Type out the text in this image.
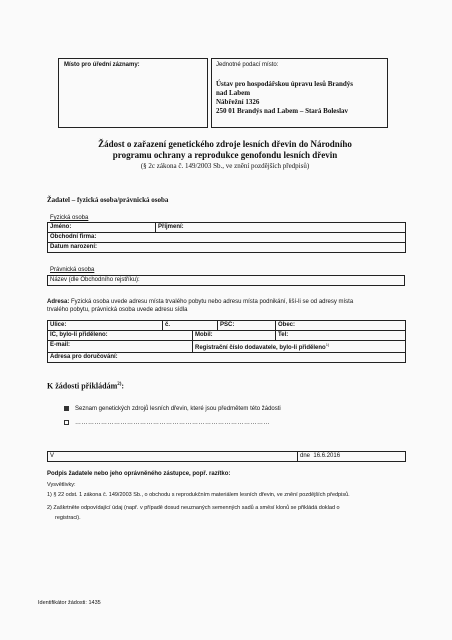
Místo pro úřední záznamy:	Jednotné podací místo:
Ústav pro hospodářskou úpravu lesů Brandýs
nad Labem
Nábřežní 1326
250 01 Brandýs nad Labem – Stará Boleslav
Žádost o zařazení genetického zdroje lesních dřevin do Národního
programu ochrany a reprodukce genofondu lesních dřevin
(§ 2c zákona č. 149/2003 Sb., ve znění pozdějších předpisů)
Žadatel – fyzická osoba/právnická osoba
Fyzická osoba
Jméno:	Příjmení:
Obchodní firma:
Datum narození:
Právnická osoba
Název (dle Obchodního rejstříku):
Adresa: Fyzická osoba uvede adresu místa trvalého pobytu nebo adresu místa podnikání, liší-li se od adresy místa
trvalého pobytu, právnická osoba uvede adresu sídla
Ulice:	č.		PSČ:	Obec:
IČ, bylo-li přiděleno:		Mobil:		Tel:
E-mail:		Registrační číslo dodavatele, bylo-li přiděleno$^{1)}$
Adresa pro doručování:				
K žádosti přikládám$^{2)}$:
Seznam genetických zdrojů lesních dřevin, které jsou předmětem této žádosti
………………………………………………………………………………
V	dne 16.6.2016
Podpis žadatele nebo jeho oprávněného zástupce, popř. razítko:
Vysvětlivky:
1) § 22 odst. 1 zákona č. 149/2003 Sb., o obchodu s reprodukčním materiálem lesních dřevin, ve znění pozdějších předpisů.
2) Zaškrtněte odpovídající údaj (např. v případě dosud neuznaných semenných sadů a směsí klonů se přikládá doklad o
registraci).
Identifikátor žádosti: 1435
